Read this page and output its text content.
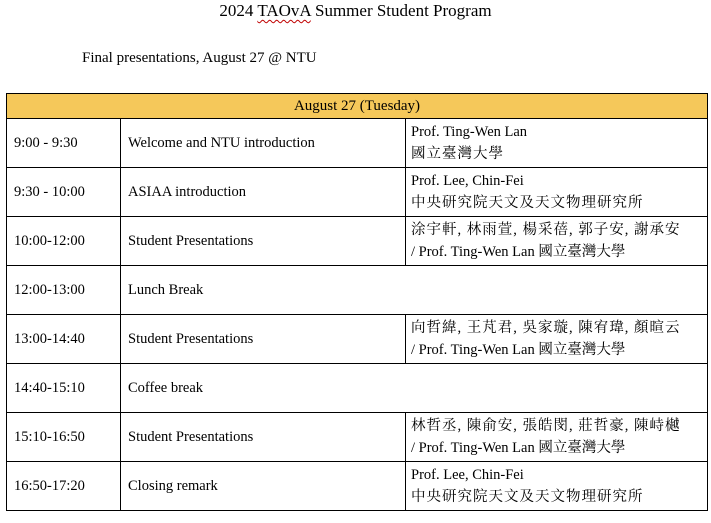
2024 TAOvA Summer Student Program
Final presentations, August 27 @ NTU
August 27 (Tuesday)		
9:00 - 9:30	Welcome and NTU introduction	Prof. Ting-Wen Lan
國立臺灣大學

9:30 - 10:00	ASIAA introduction	Prof. Lee, Chin-Fei
中央研究院天文及天文物理研究所

10:00-12:00	Student Presentations	涂宇軒, 林雨萱, 楊采蓓, 郭子安, 謝承安
/ Prof. Ting-Wen Lan 國立臺灣大學

12:00-13:00	Lunch Break	
13:00-14:40	Student Presentations	向哲緯, 王芃君, 吳家璇, 陳宥瑋, 顏暄云
/ Prof. Ting-Wen Lan 國立臺灣大學

14:40-15:10	Coffee break	
15:10-16:50	Student Presentations	林哲丞, 陳俞安, 張皓閔, 莊哲豪, 陳峙樾
/ Prof. Ting-Wen Lan 國立臺灣大學

16:50-17:20	Closing remark	Prof. Lee, Chin-Fei
中央研究院天文及天文物理研究所
